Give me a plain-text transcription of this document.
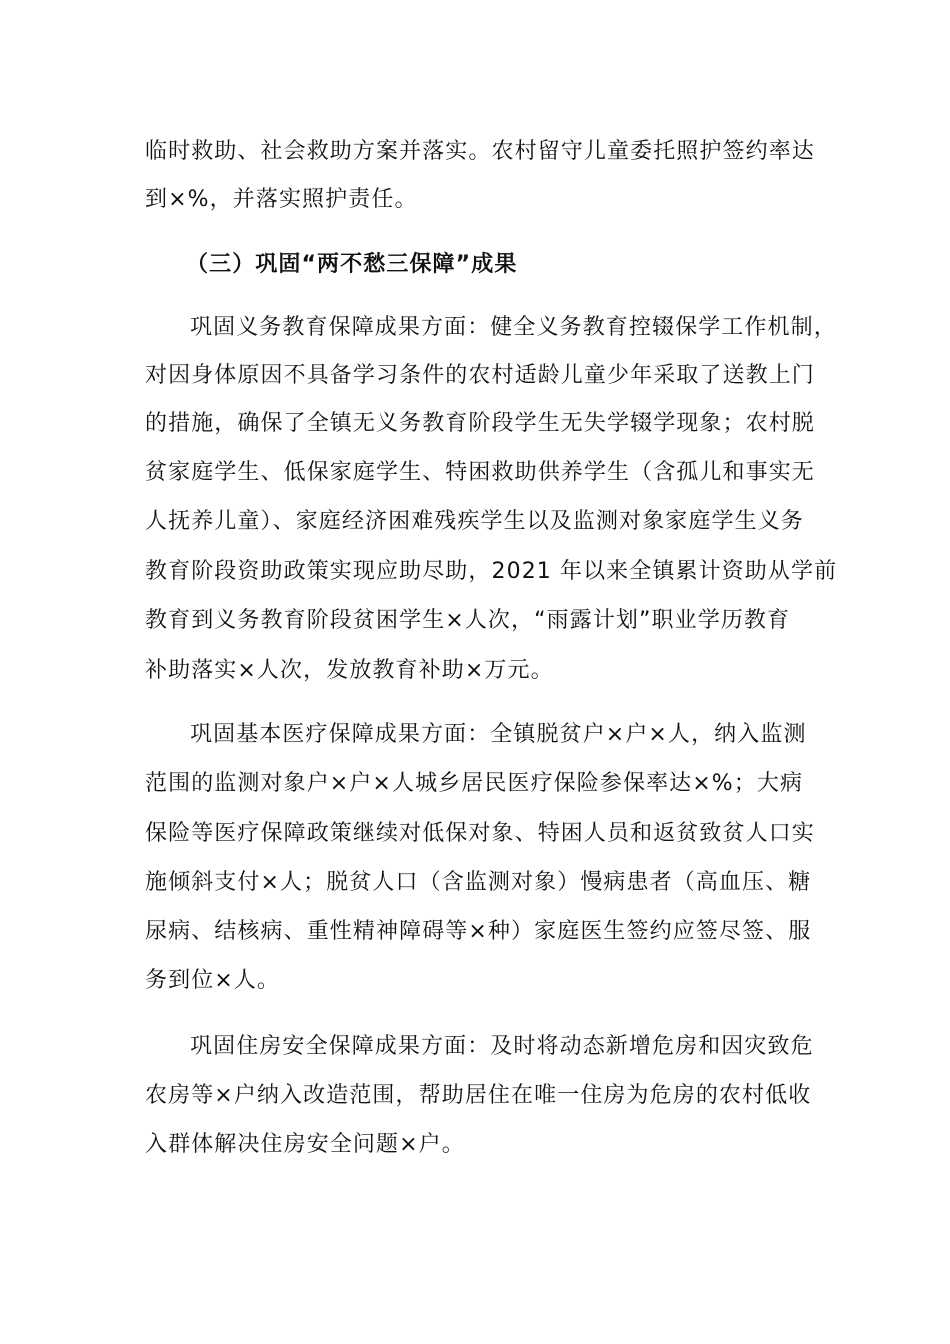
临时救助、社会救助方案并落实。农村留守儿童委托照护签约率达
到×%，并落实照护责任。
（三）巩固“两不愁三保障”成果
巩固义务教育保障成果方面：健全义务教育控辍保学工作机制，
对因身体原因不具备学习条件的农村适龄儿童少年采取了送教上门
的措施，确保了全镇无义务教育阶段学生无失学辍学现象；农村脱
贫家庭学生、低保家庭学生、特困救助供养学生（含孤儿和事实无
人抚养儿童）、家庭经济困难残疾学生以及监测对象家庭学生义务
教育阶段资助政策实现应助尽助，2021 年以来全镇累计资助从学前
教育到义务教育阶段贫困学生×人次，“雨露计划”职业学历教育
补助落实×人次，发放教育补助×万元。
巩固基本医疗保障成果方面：全镇脱贫户×户×人，纳入监测
范围的监测对象户×户×人城乡居民医疗保险参保率达×%；大病
保险等医疗保障政策继续对低保对象、特困人员和返贫致贫人口实
施倾斜支付×人；脱贫人口（含监测对象）慢病患者（高血压、糖
尿病、结核病、重性精神障碍等×种）家庭医生签约应签尽签、服
务到位×人。
巩固住房安全保障成果方面：及时将动态新增危房和因灾致危
农房等×户纳入改造范围，帮助居住在唯一住房为危房的农村低收
入群体解决住房安全问题×户。
